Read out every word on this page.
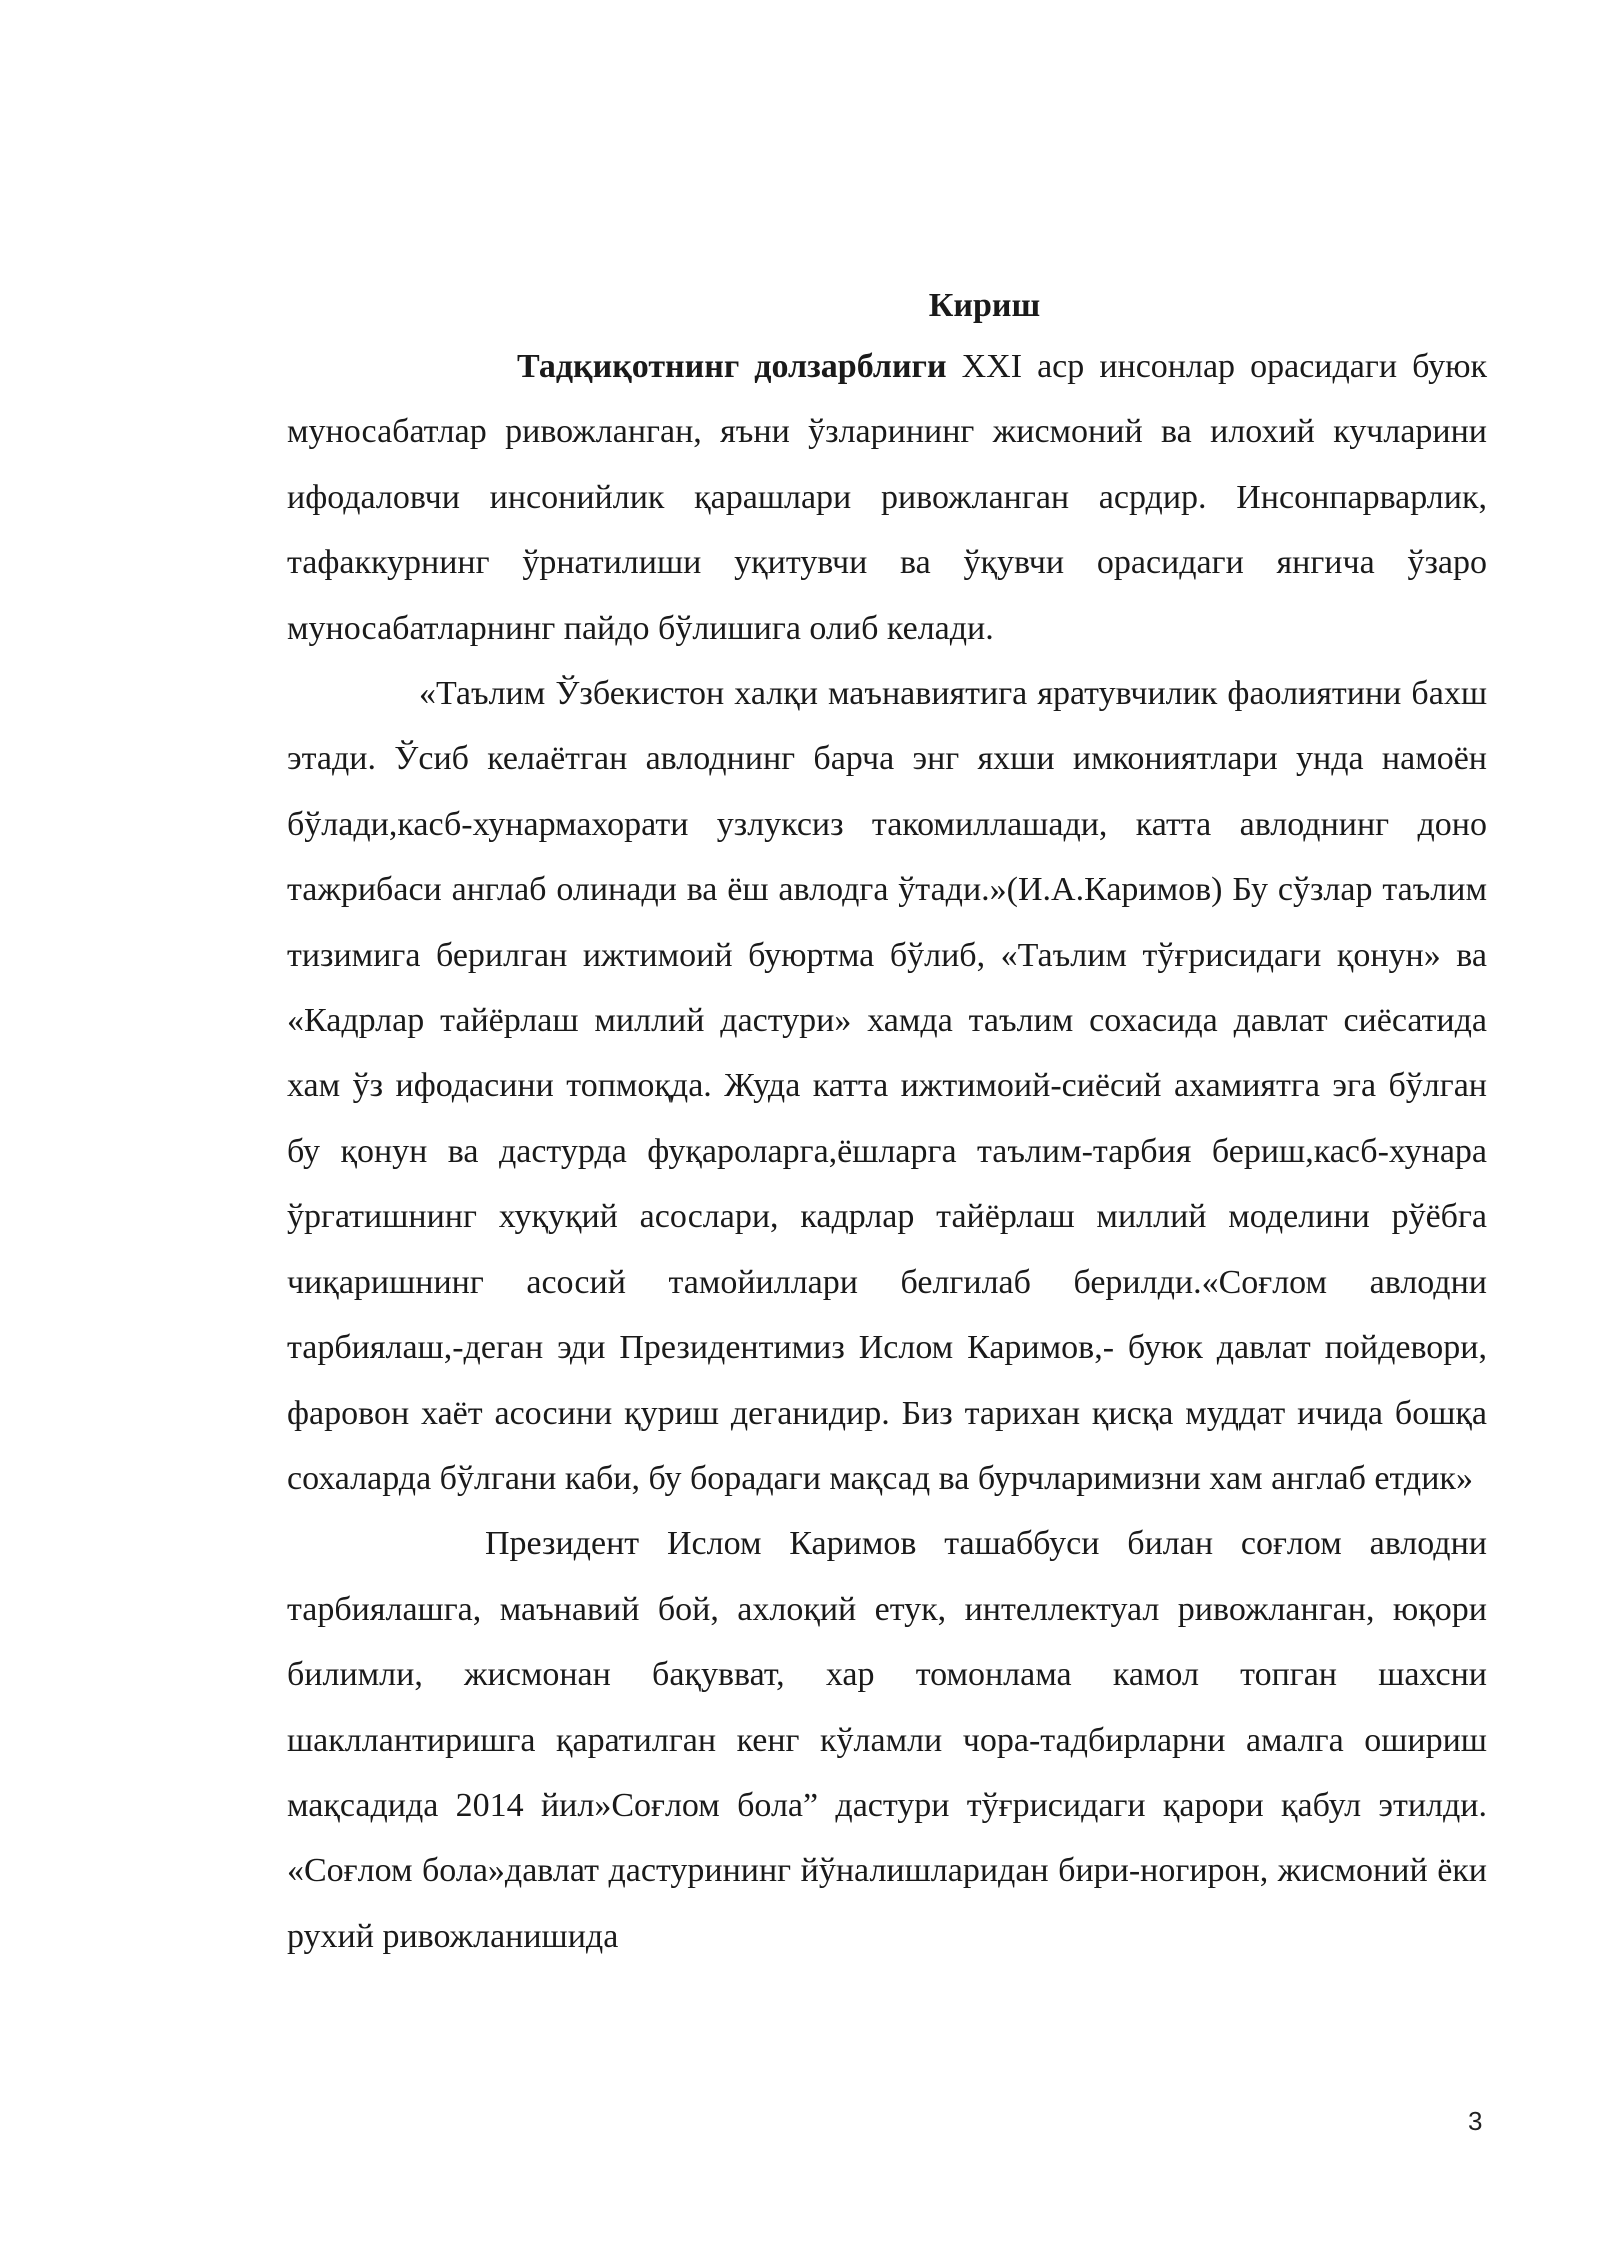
Кириш

Тадқиқотнинг долзарблиги XXI аср инсонлар орасидаги буюк муносабатлар ривожланган, яъни ўзларининг жисмоний ва илохий кучларини ифодаловчи инсонийлик қарашлари ривожланган асрдир. Инсонпарварлик, тафаккурнинг ўрнатилиши уқитувчи ва ўқувчи орасидаги янгича ўзаро муносабатларнинг пайдо бўлишига олиб келади.

«Таълим Ўзбекистон халқи маънавиятига яратувчилик фаолиятини бахш этади. Ўсиб келаётган авлоднинг барча энг яхши имкониятлари унда намоён бўлади,касб-хунармахорати узлуксиз такомиллашади, катта авлоднинг доно тажрибаси англаб олинади ва ёш авлодга ўтади.»(И.А.Каримов) Бу сўзлар таълим тизимига берилган ижтимоий буюртма бўлиб, «Таълим тўғрисидаги қонун» ва «Кадрлар тайёрлаш миллий дастури» хамда таълим сохасида давлат сиёсатида хам ўз ифодасини топмоқда. Жуда катта ижтимоий-сиёсий ахамиятга эга бўлган бу қонун ва дастурда фуқароларга,ёшларга таълим-тарбия бериш,касб-хунара ўргатишнинг хуқуқий асослари, кадрлар тайёрлаш миллий моделини рўёбга чиқаришнинг асосий тамойиллари белгилаб берилди.«Соғлом авлодни тарбиялаш,-деган эди Президентимиз Ислом Каримов,- буюк давлат пойдевори, фаровон хаёт асосини қуриш деганидир. Биз тарихан қисқа муддат ичида бошқа сохаларда бўлгани каби, бу борадаги мақсад ва бурчларимизни хам англаб етдик»

Президент Ислом Каримов ташаббуси билан соғлом авлодни тарбиялашга, маънавий бой, ахлоқий етук, интеллектуал ривожланган, юқори билимли, жисмонан бақувват, хар томонлама камол топган шахсни шакллантиришга қаратилган кенг кўламли чора-тадбирларни амалга ошириш мақсадида 2014 йил»Соғлом бола” дастури тўғрисидаги қарори қабул этилди. «Соғлом бола»давлат дастурининг йўналишларидан бири-ногирон, жисмоний ёки рухий ривожланишида

3
